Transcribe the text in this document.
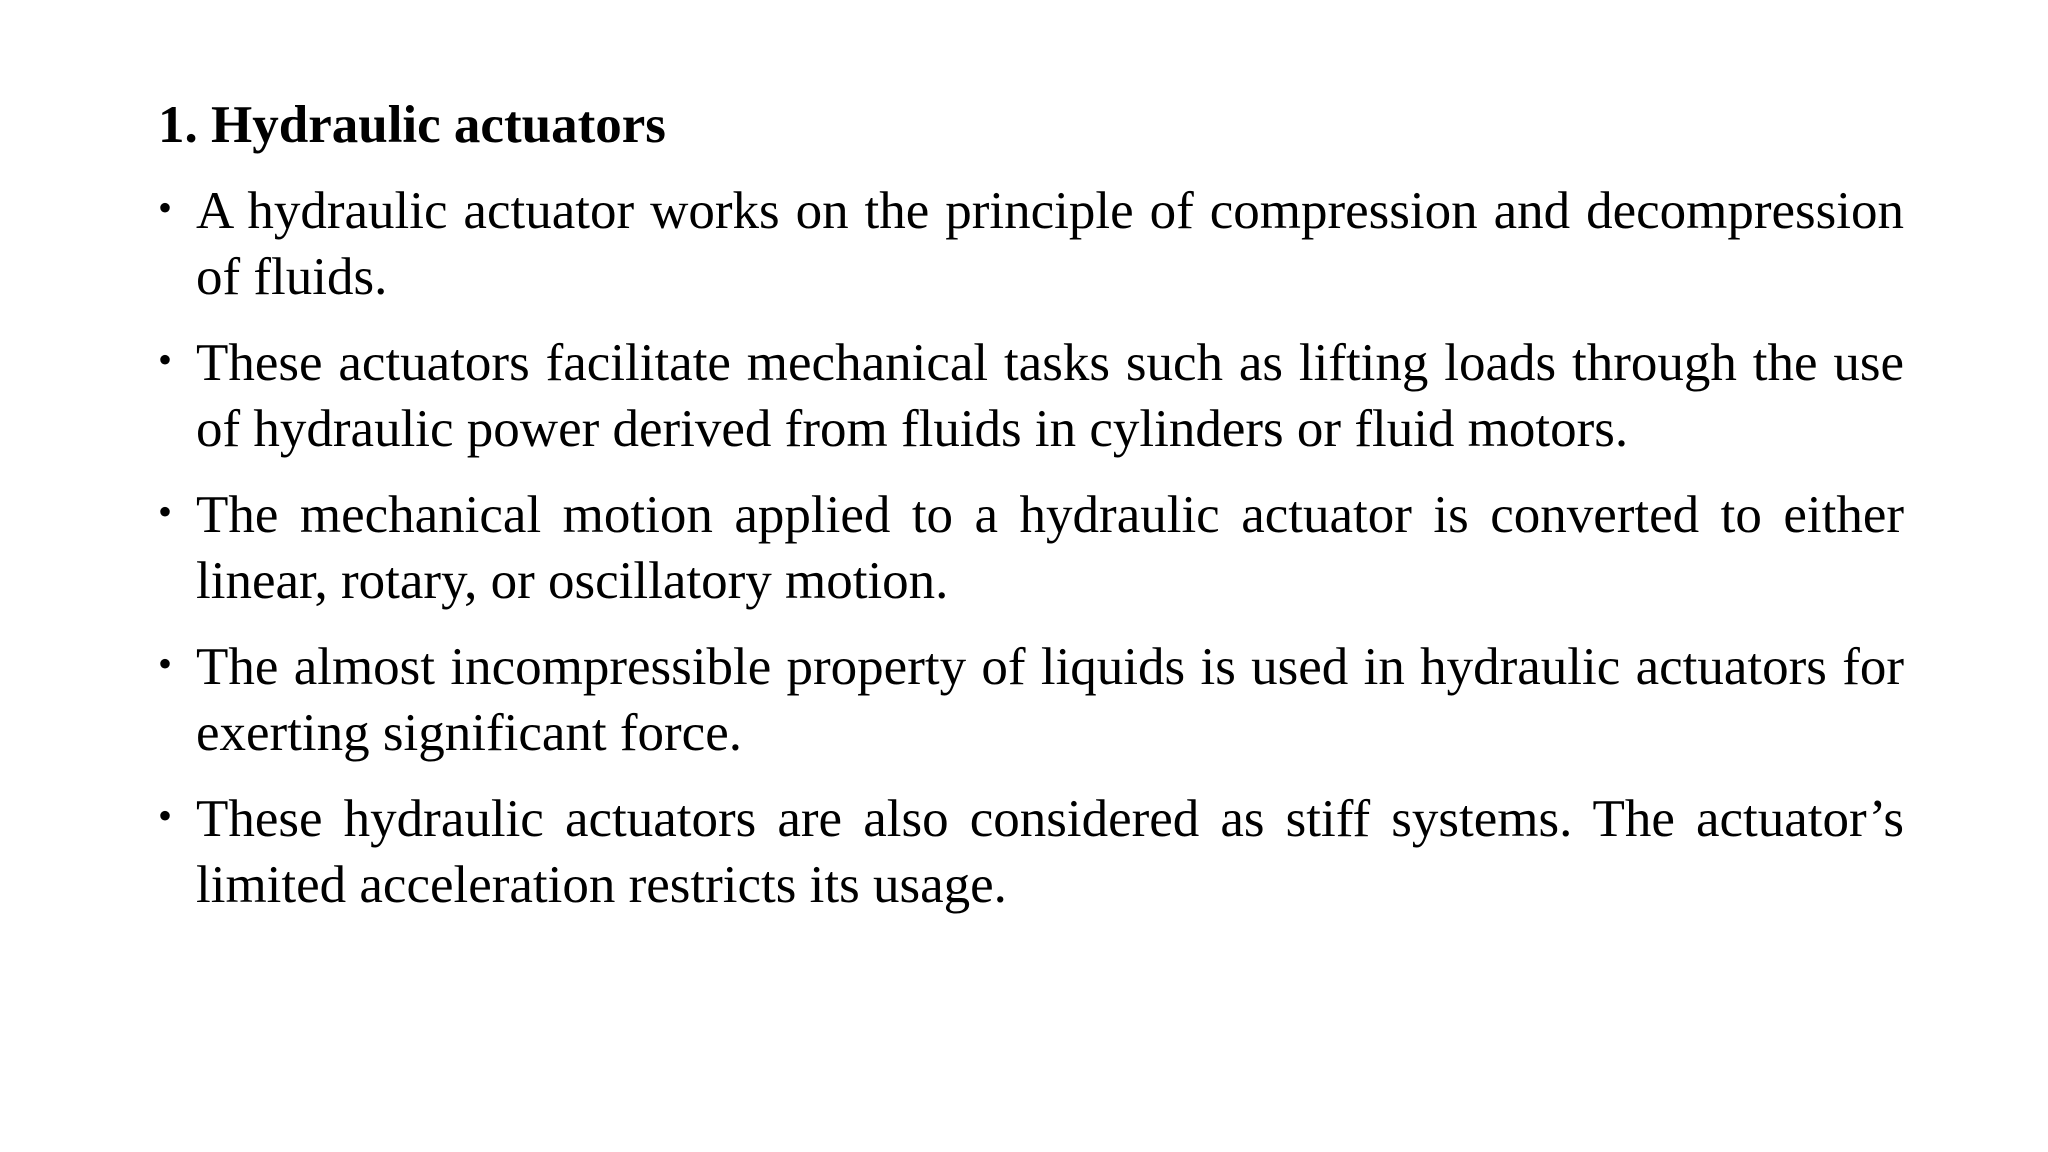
1. Hydraulic actuators
• A hydraulic actuator works on the principle of compression and decompression of fluids.
• These actuators facilitate mechanical tasks such as lifting loads through the use of hydraulic power derived from fluids in cylinders or fluid motors.
• The mechanical motion applied to a hydraulic actuator is converted to either linear, rotary, or oscillatory motion.
• The almost incompressible property of liquids is used in hydraulic actuators for exerting significant force.
• These hydraulic actuators are also considered as stiff systems. The actuator’s limited acceleration restricts its usage.
